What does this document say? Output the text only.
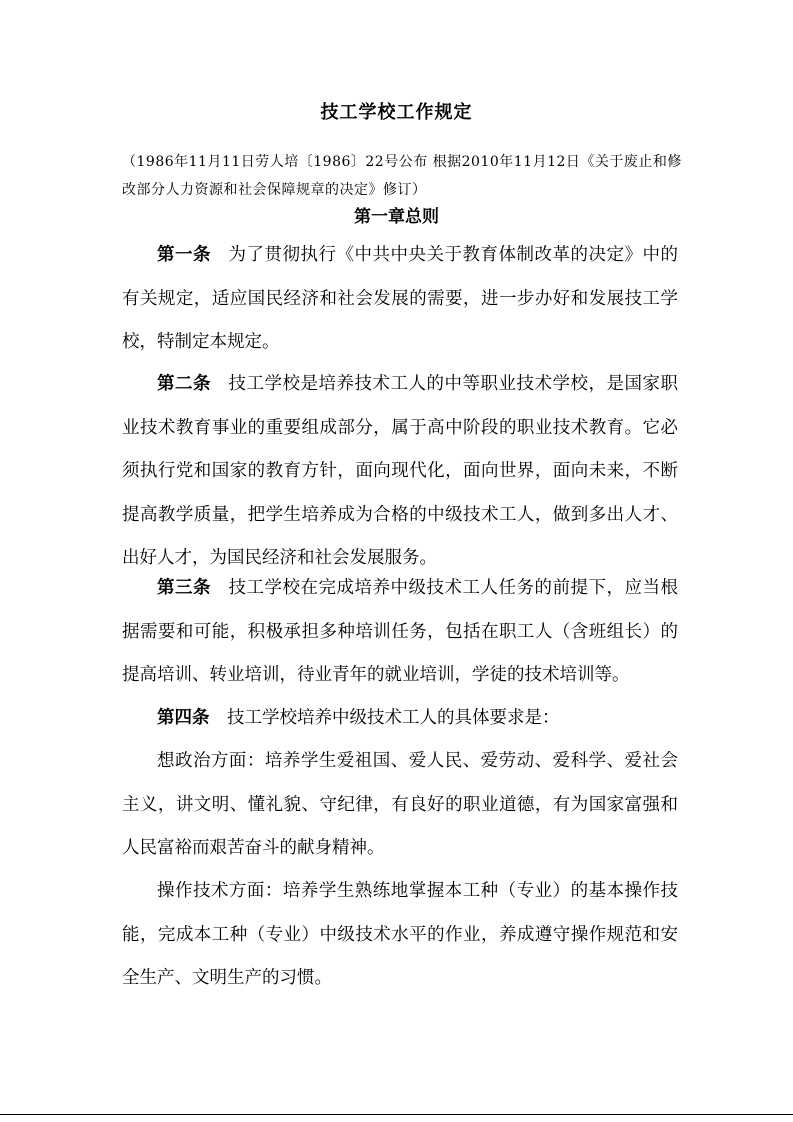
技工学校工作规定
（1986年11月11日劳人培〔1986〕22号公布 根据2010年11月12日《关于废止和修改部分人力资源和社会保障规章的决定》修订）
第一章总则

第一条 为了贯彻执行《中共中央关于教育体制改革的决定》中的有关规定，适应国民经济和社会发展的需要，进一步办好和发展技工学校，特制定本规定。

第二条 技工学校是培养技术工人的中等职业技术学校，是国家职业技术教育事业的重要组成部分，属于高中阶段的职业技术教育。它必须执行党和国家的教育方针，面向现代化，面向世界，面向未来，不断提高教学质量，把学生培养成为合格的中级技术工人，做到多出人才、出好人才，为国民经济和社会发展服务。

第三条 技工学校在完成培养中级技术工人任务的前提下，应当根据需要和可能，积极承担多种培训任务，包括在职工人（含班组长）的提高培训、转业培训，待业青年的就业培训，学徒的技术培训等。

第四条 技工学校培养中级技术工人的具体要求是：

想政治方面：培养学生爱祖国、爱人民、爱劳动、爱科学、爱社会主义，讲文明、懂礼貌、守纪律，有良好的职业道德，有为国家富强和人民富裕而艰苦奋斗的献身精神。

操作技术方面：培养学生熟练地掌握本工种（专业）的基本操作技能，完成本工种（专业）中级技术水平的作业，养成遵守操作规范和安全生产、文明生产的习惯。
